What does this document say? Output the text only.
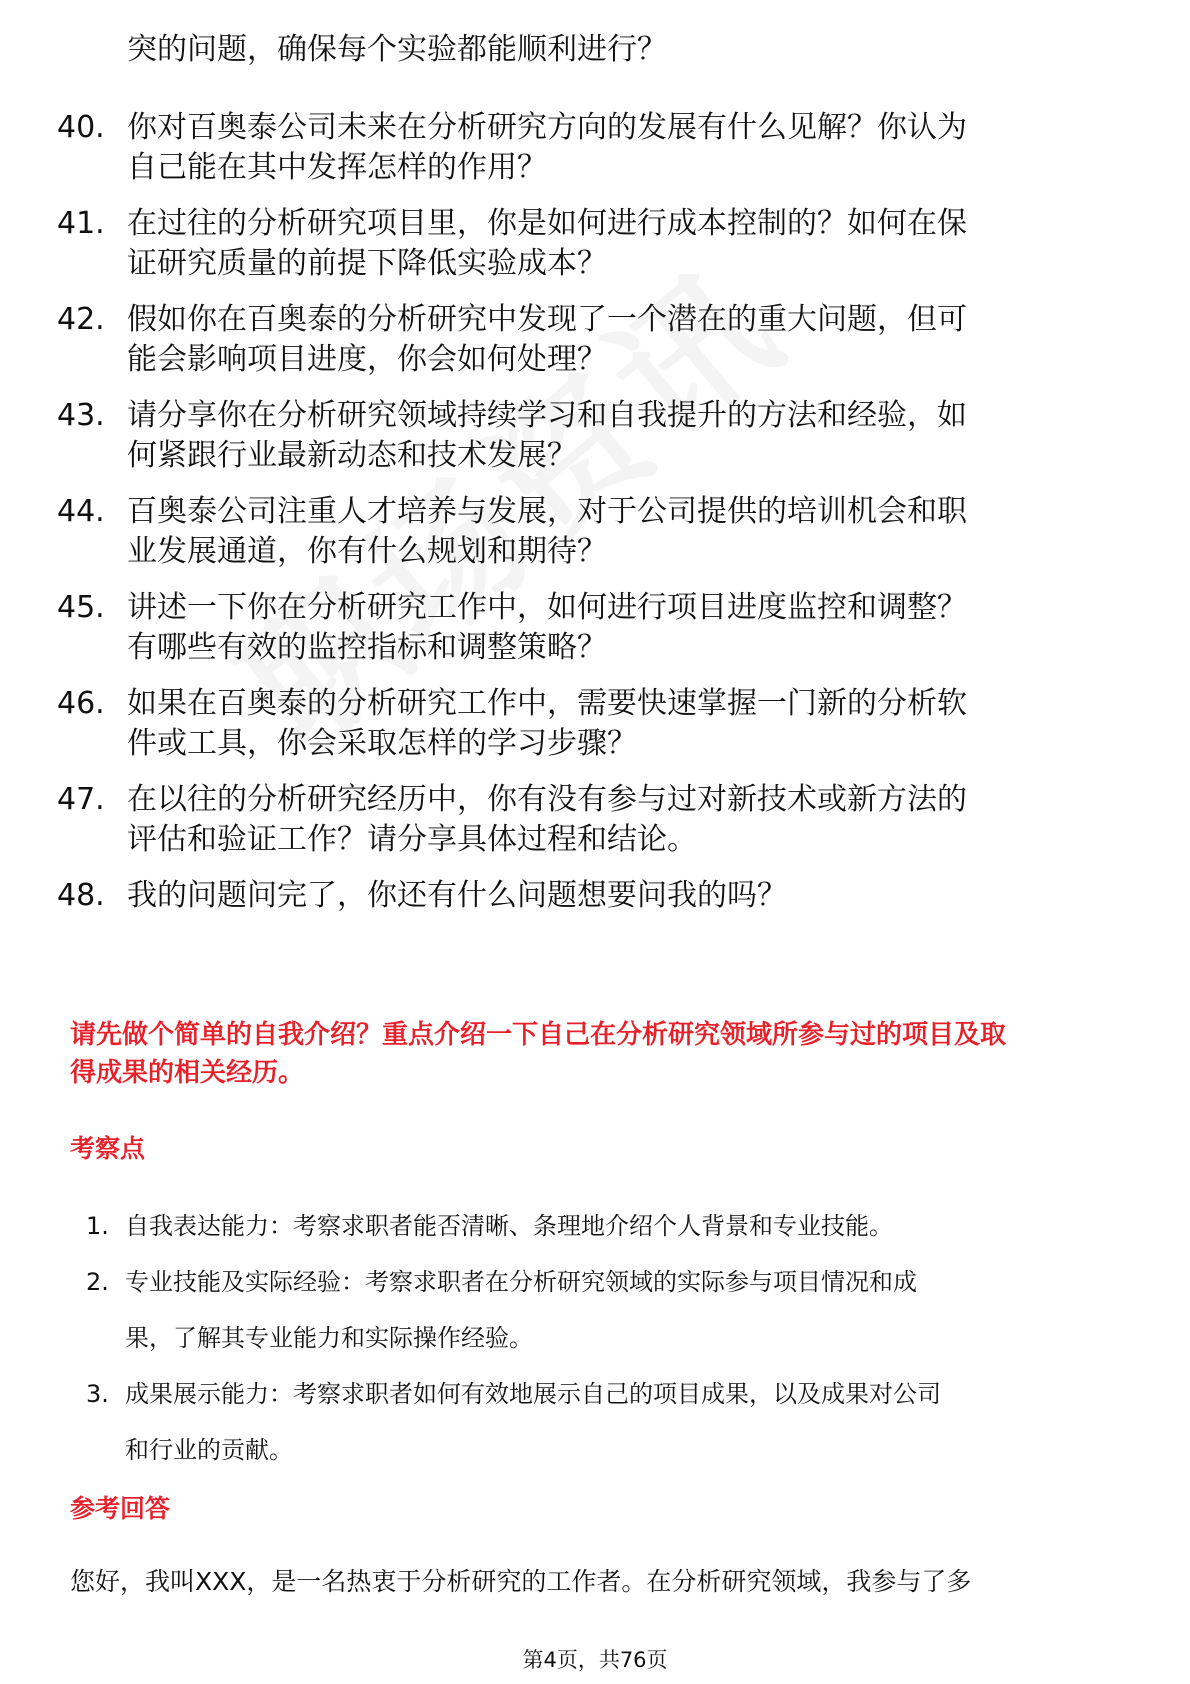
突的问题，确保每个实验都能顺利进行？

40. 你对百奥泰公司未来在分析研究方向的发展有什么见解？你认为
自己能在其中发挥怎样的作用？
41. 在过往的分析研究项目里，你是如何进行成本控制的？如何在保
证研究质量的前提下降低实验成本？
42. 假如你在百奥泰的分析研究中发现了一个潜在的重大问题，但可
能会影响项目进度，你会如何处理？
43. 请分享你在分析研究领域持续学习和自我提升的方法和经验，如
何紧跟行业最新动态和技术发展？
44. 百奥泰公司注重人才培养与发展，对于公司提供的培训机会和职
业发展通道，你有什么规划和期待？
45. 讲述一下你在分析研究工作中，如何进行项目进度监控和调整？
有哪些有效的监控指标和调整策略？
46. 如果在百奥泰的分析研究工作中，需要快速掌握一门新的分析软
件或工具，你会采取怎样的学习步骤？
47. 在以往的分析研究经历中，你有没有参与过对新技术或新方法的
评估和验证工作？请分享具体过程和结论。
48. 我的问题问完了，你还有什么问题想要问我的吗？
请先做个简单的自我介绍？重点介绍一下自己在分析研究领域所参与过的项目及取
得成果的相关经历。
考察点
1. 自我表达能力：考察求职者能否清晰、条理地介绍个人背景和专业技能。
2. 专业技能及实际经验：考察求职者在分析研究领域的实际参与项目情况和成
果，了解其专业能力和实际操作经验。
3. 成果展示能力：考察求职者如何有效地展示自己的项目成果，以及成果对公司
和行业的贡献。
参考回答
您好，我叫XXX，是一名热衷于分析研究的工作者。在分析研究领域，我参与了多
第4页，共76页
